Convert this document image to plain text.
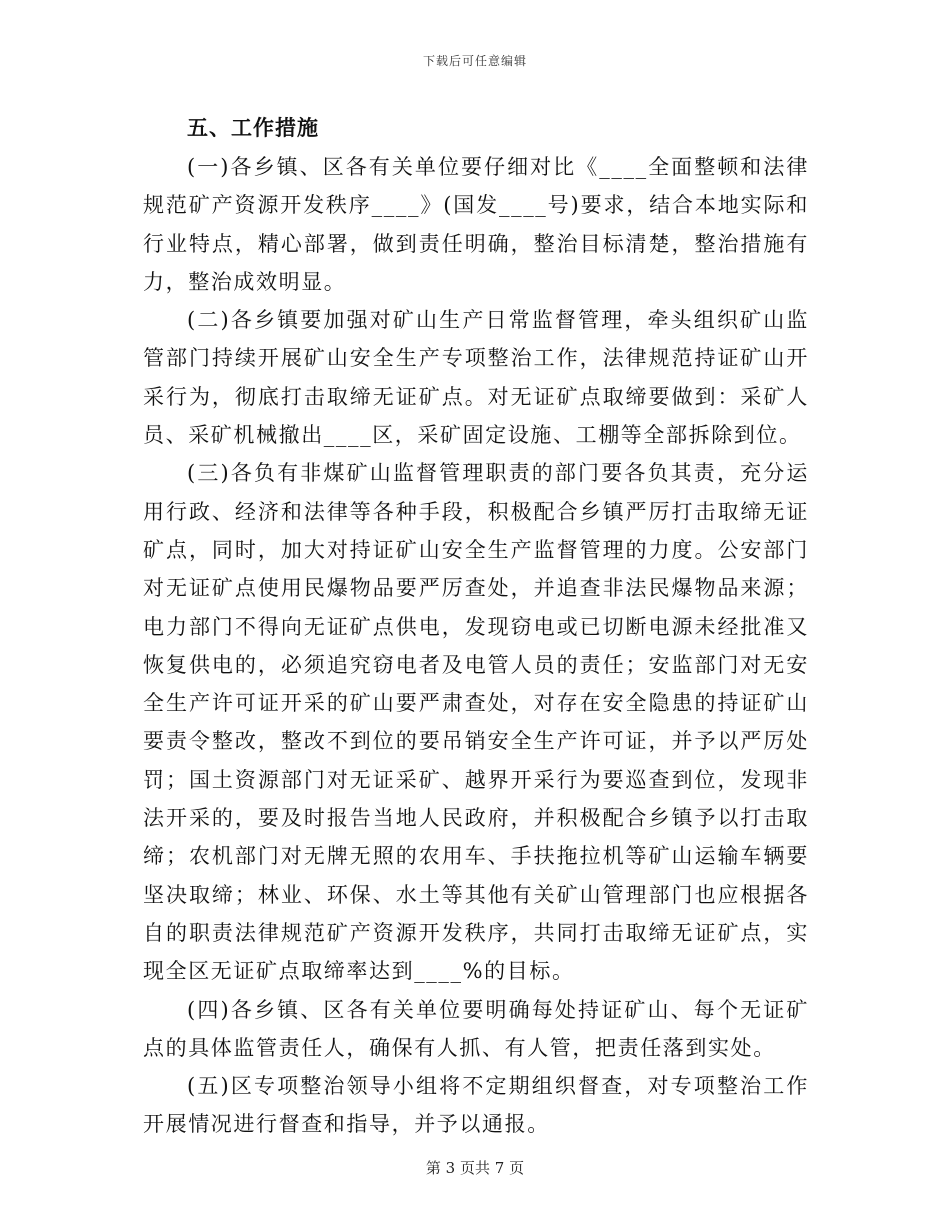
下载后可任意编辑
五、工作措施

(一)各乡镇、区各有关单位要仔细对比《____全面整顿和法律规范矿产资源开发秩序____》(国发____号)要求，结合本地实际和行业特点，精心部署，做到责任明确，整治目标清楚，整治措施有力，整治成效明显。

(二)各乡镇要加强对矿山生产日常监督管理，牵头组织矿山监管部门持续开展矿山安全生产专项整治工作，法律规范持证矿山开采行为，彻底打击取缔无证矿点。对无证矿点取缔要做到：采矿人员、采矿机械撤出____区，采矿固定设施、工棚等全部拆除到位。

(三)各负有非煤矿山监督管理职责的部门要各负其责，充分运用行政、经济和法律等各种手段，积极配合乡镇严厉打击取缔无证矿点，同时，加大对持证矿山安全生产监督管理的力度。公安部门对无证矿点使用民爆物品要严厉查处，并追查非法民爆物品来源；电力部门不得向无证矿点供电，发现窃电或已切断电源未经批准又恢复供电的，必须追究窃电者及电管人员的责任；安监部门对无安全生产许可证开采的矿山要严肃查处，对存在安全隐患的持证矿山要责令整改，整改不到位的要吊销安全生产许可证，并予以严厉处罚；国土资源部门对无证采矿、越界开采行为要巡查到位，发现非法开采的，要及时报告当地人民政府，并积极配合乡镇予以打击取缔；农机部门对无牌无照的农用车、手扶拖拉机等矿山运输车辆要坚决取缔；林业、环保、水土等其他有关矿山管理部门也应根据各自的职责法律规范矿产资源开发秩序，共同打击取缔无证矿点，实现全区无证矿点取缔率达到____%的目标。

(四)各乡镇、区各有关单位要明确每处持证矿山、每个无证矿点的具体监管责任人，确保有人抓、有人管，把责任落到实处。

(五)区专项整治领导小组将不定期组织督查，对专项整治工作开展情况进行督查和指导，并予以通报。

第 3 页共 7 页
